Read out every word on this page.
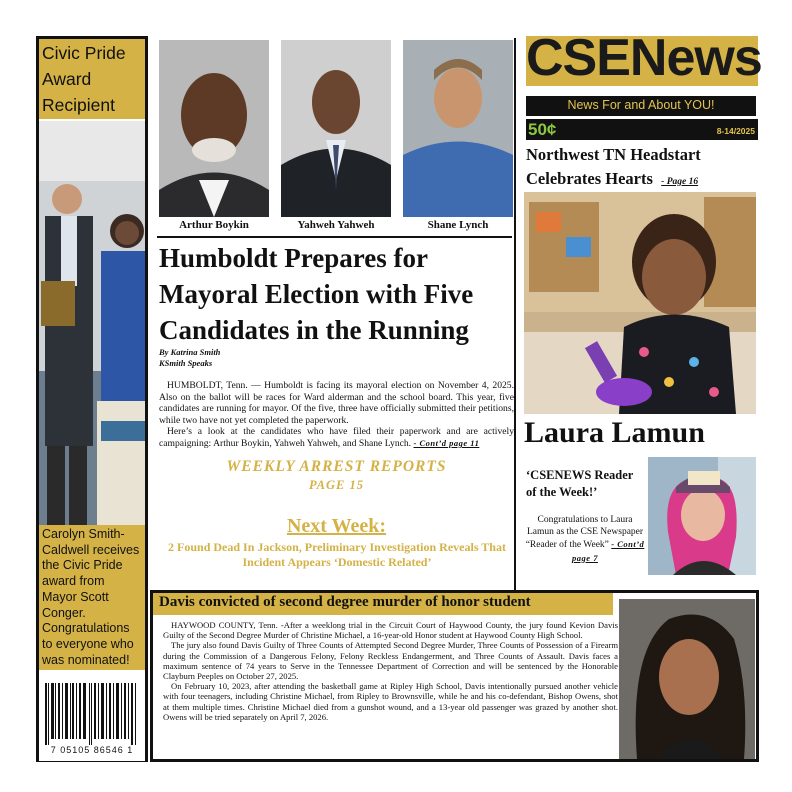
Civic Pride Award Recipient
Carolyn Smith-Caldwell receives the Civic Pride award from Mayor Scott Conger. Congratulations to everyone who was nominated!
7 05105 86546 1
Arthur Boykin	Yahweh Yahweh	Shane Lynch
Humboldt Prepares for Mayoral Election with Five Candidates in the Running
By Katrina Smith
KSmith Speaks

HUMBOLDT, Tenn. — Humboldt is facing its mayoral election on November 4, 2025. Also on the ballot will be races for Ward alderman and the school board. This year, five candidates are running for mayor. Of the five, three have officially submitted their petitions, while two have not yet completed the paperwork.

Here’s a look at the candidates who have filed their paperwork and are actively campaigning: Arthur Boykin, Yahweh Yahweh, and Shane Lynch. - Cont’d page 11

WEEKLY ARREST REPORTS
PAGE 15
Next Week:
2 Found Dead In Jackson, Preliminary Investigation Reveals That Incident Appears ‘Domestic Related’
CSENews
News For and About YOU!
50¢	8-14/2025
Northwest TN Headstart Celebrates Hearts - Page 16
Laura Lamun
‘CSENEWS Reader of the Week!’
Congratulations to Laura Lamun as the CSE Newspaper “Reader of the Week” - Cont’d page 7
Davis convicted of second degree murder of honor student

HAYWOOD COUNTY, Tenn. -After a weeklong trial in the Circuit Court of Haywood County, the jury found Kevion Davis Guilty of the Second Degree Murder of Christine Michael, a 16-year-old Honor student at Haywood County High School.

The jury also found Davis Guilty of Three Counts of Attempted Second Degree Murder, Three Counts of Possession of a Firearm during the Commission of a Dangerous Felony, Felony Reckless Endangerment, and Three Counts of Assault. Davis faces a maximum sentence of 74 years to Serve in the Tennessee Department of Correction and will be sentenced by the Honorable Clayburn Peeples on October 27, 2025.

On February 10, 2023, after attending the basketball game at Ripley High School, Davis intentionally pursued another vehicle with four teenagers, including Christine Michael, from Ripley to Brownsville, while he and his co-defendant, Bishop Owens, shot at them multiple times. Christine Michael died from a gunshot wound, and a 13-year old passenger was grazed by another shot. Owens will be tried separately on April 7, 2026.
